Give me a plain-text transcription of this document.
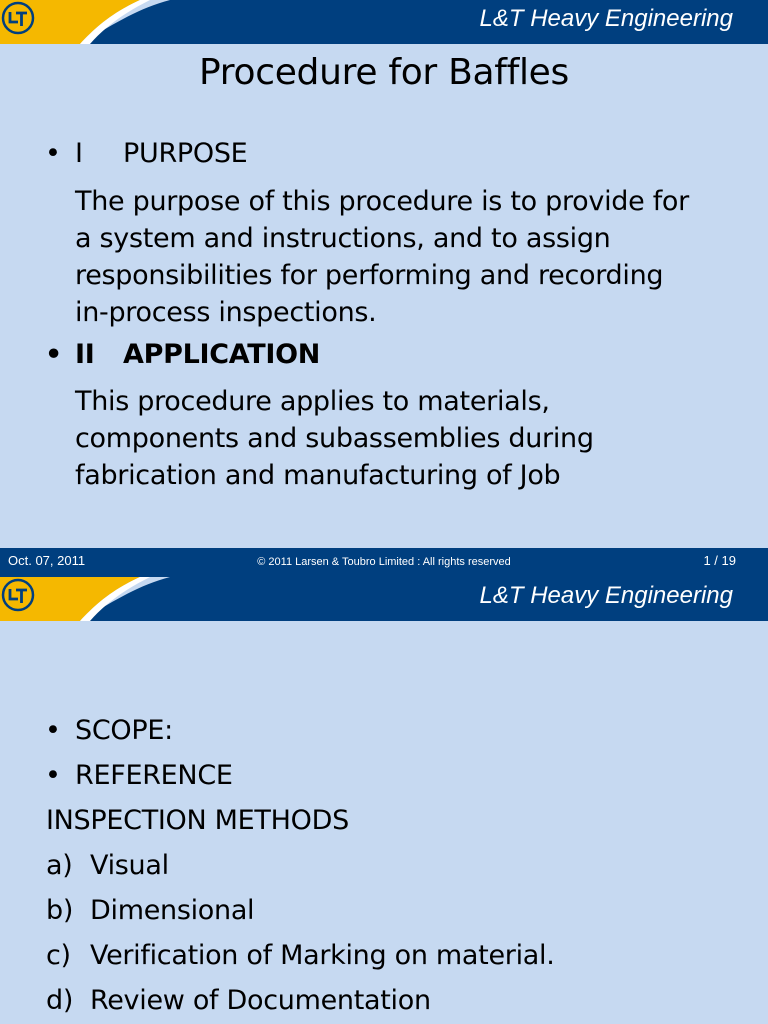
L&T Heavy Engineering
Procedure for Baffles
• I PURPOSE
The purpose of this procedure is to provide for
a system and instructions, and to assign
responsibilities for performing and recording
in-process inspections.
• II APPLICATION
This procedure applies to materials,
components and subassemblies during
fabrication and manufacturing of Job
Oct. 07, 2011	© 2011 Larsen & Toubro Limited : All rights reserved	1 / 19
L&T Heavy Engineering
• SCOPE:
• REFERENCE
INSPECTION METHODS
a) Visual
b) Dimensional
c) Verification of Marking on material.
d) Review of Documentation
